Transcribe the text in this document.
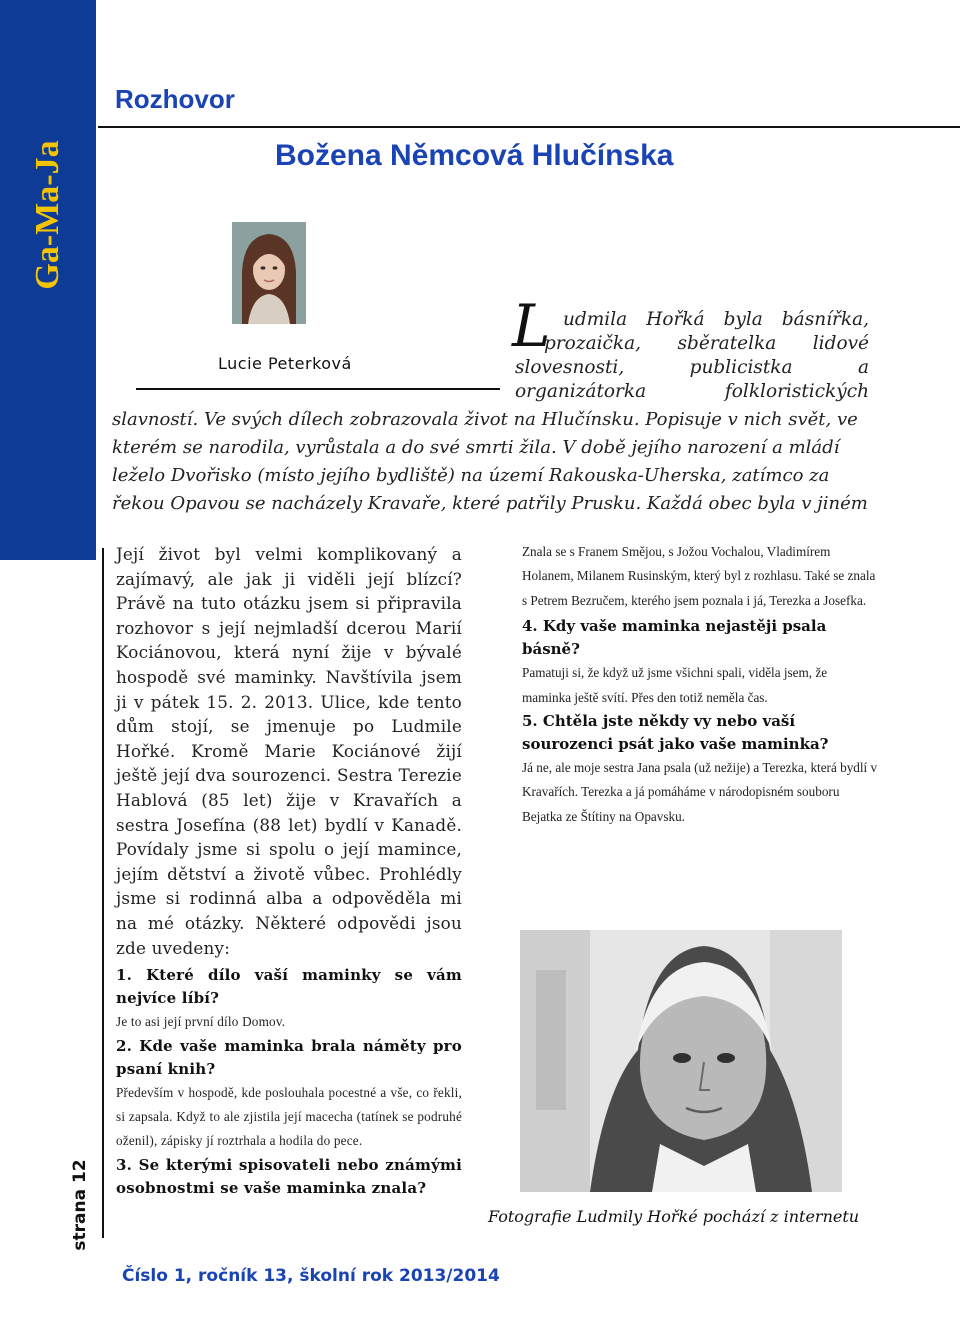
Ga-Ma-Ja
strana 12
Rozhovor
Božena Němcová Hlučínska
Lucie Peterková
L udmila Hořká byla básnířka,
prozaička, sběratelka lidové
slovesnosti,	publicistka	a
organizátorka	folkloristických
slavností. Ve svých dílech zobrazovala život na Hlučínsku. Popisuje v nich svět, ve
kterém se narodila, vyrůstala a do své smrti žila. V době jejího narození a mládí
leželo Dvořisko (místo jejího bydliště) na území Rakouska-Uherska, zatímco za
řekou Opavou se nacházely Kravaře, které patřily Prusku. Každá obec byla v jiném

Její život byl velmi komplikovaný a zajímavý, ale jak ji viděli její blízcí? Právě na tuto otázku jsem si připravila rozhovor s její nejmladší dcerou Marií Kociánovou, která nyní žije v bývalé hospodě své maminky. Navštívila jsem ji v pátek 15. 2. 2013. Ulice, kde tento dům stojí, se jmenuje po Ludmile Hořké. Kromě Marie Kociánové žijí ještě její dva sourozenci. Sestra Terezie Hablová (85 let) žije v Kravařích a sestra Josefína (88 let) bydlí v Kanadě. Povídaly jsme si spolu o její mamince, jejím dětství a životě vůbec. Prohlédly jsme si rodinná alba a odpověděla mi na mé otázky. Některé odpovědi jsou zde uvedeny:

1. Které dílo vaší maminky se vám nejvíce líbí?

Je to asi její první dílo Domov.

2. Kde vaše maminka brala náměty pro psaní knih?

Především v hospodě, kde poslouhala pocestné a vše, co řekli, si zapsala. Když to ale zjistila její macecha (tatínek se podruhé oženil), zápisky jí roztrhala a hodila do pece.

3. Se kterými spisovateli nebo známými osobnostmi se vaše maminka znala?

Znala se s Franem Smějou, s Jožou Vochalou, Vladimírem Holanem, Milanem Rusinským, který byl z rozhlasu. Také se znala s Petrem Bezručem, kterého jsem poznala i já, Terezka a Josefka.

4. Kdy vaše maminka nejastěji psala básně?

Pamatuji si, že když už jsme všichni spali, viděla jsem, že maminka ještě svítí. Přes den totiž neměla čas.

5. Chtěla jste někdy vy nebo vaší sourozenci psát jako vaše maminka?

Já ne, ale moje sestra Jana psala (už nežije) a Terezka, která bydlí v Kravařích. Terezka a já pomáháme v národopisném souboru Bejatka ze Štítiny na Opavsku.

Fotografie Ludmily Hořké pochází z internetu
Číslo 1, ročník 13, školní rok 2013/2014
